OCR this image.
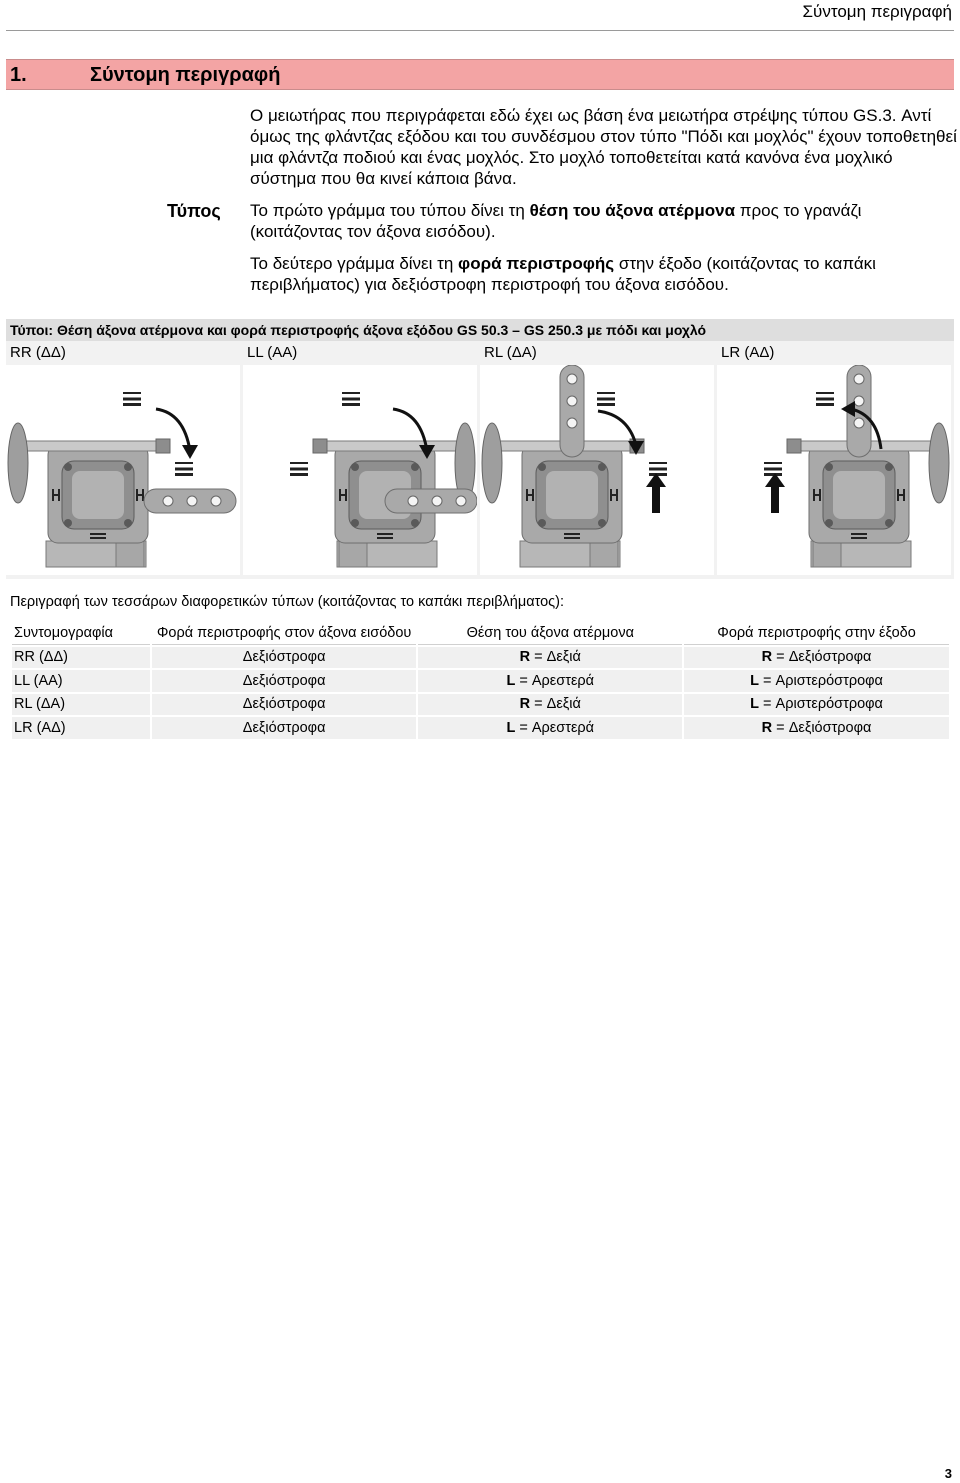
Σύντομη περιγραφή
1.	Σύντομη περιγραφή
Τύπος

Ο μειωτήρας που περιγράφεται εδώ έχει ως βάση ένα μειωτήρα στρέψης τύπου GS.3. Αντί όμως της φλάντζας εξόδου και του συνδέσμου στον τύπο "Πόδι και μοχλός" έχουν τοποθετηθεί μια φλάντζα ποδιού και ένας μοχλός. Στο μοχλό τοποθετείται κατά κανόνα ένα μοχλικό σύστημα που θα κινεί κάποια βάνα.

Το πρώτο γράμμα του τύπου δίνει τη θέση του άξονα ατέρμονα προς το γρανάζι (κοιτάζοντας τον άξονα εισόδου).

Το δεύτερο γράμμα δίνει τη φορά περιστροφής στην έξοδο (κοιτάζοντας το καπάκι περιβλήματος) για δεξιόστροφη περιστροφή του άξονα εισόδου.

Τύποι: Θέση άξονα ατέρμονα και φορά περιστροφής άξονα εξόδου GS 50.3 – GS 250.3 με πόδι και μοχλό
RR (ΔΔ)	LL (AA)	RL (ΔA)	LR (AΔ)
Περιγραφή των τεσσάρων διαφορετικών τύπων (κοιτάζοντας το καπάκι περιβλήματος):
Συντομογραφία	Φορά περιστροφής στον άξονα εισόδου	Θέση του άξονα ατέρμονα	Φορά περιστροφής στην έξοδο
RR (ΔΔ)	Δεξιόστροφα	R = Δεξιά	R = Δεξιόστροφα
LL (AA)	Δεξιόστροφα	L = Αρεστερά	L = Αριστερόστροφα
RL (ΔA)	Δεξιόστροφα	R = Δεξιά	L = Αριστερόστροφα
LR (AΔ)	Δεξιόστροφα	L = Αρεστερά	R = Δεξιόστροφα
3
